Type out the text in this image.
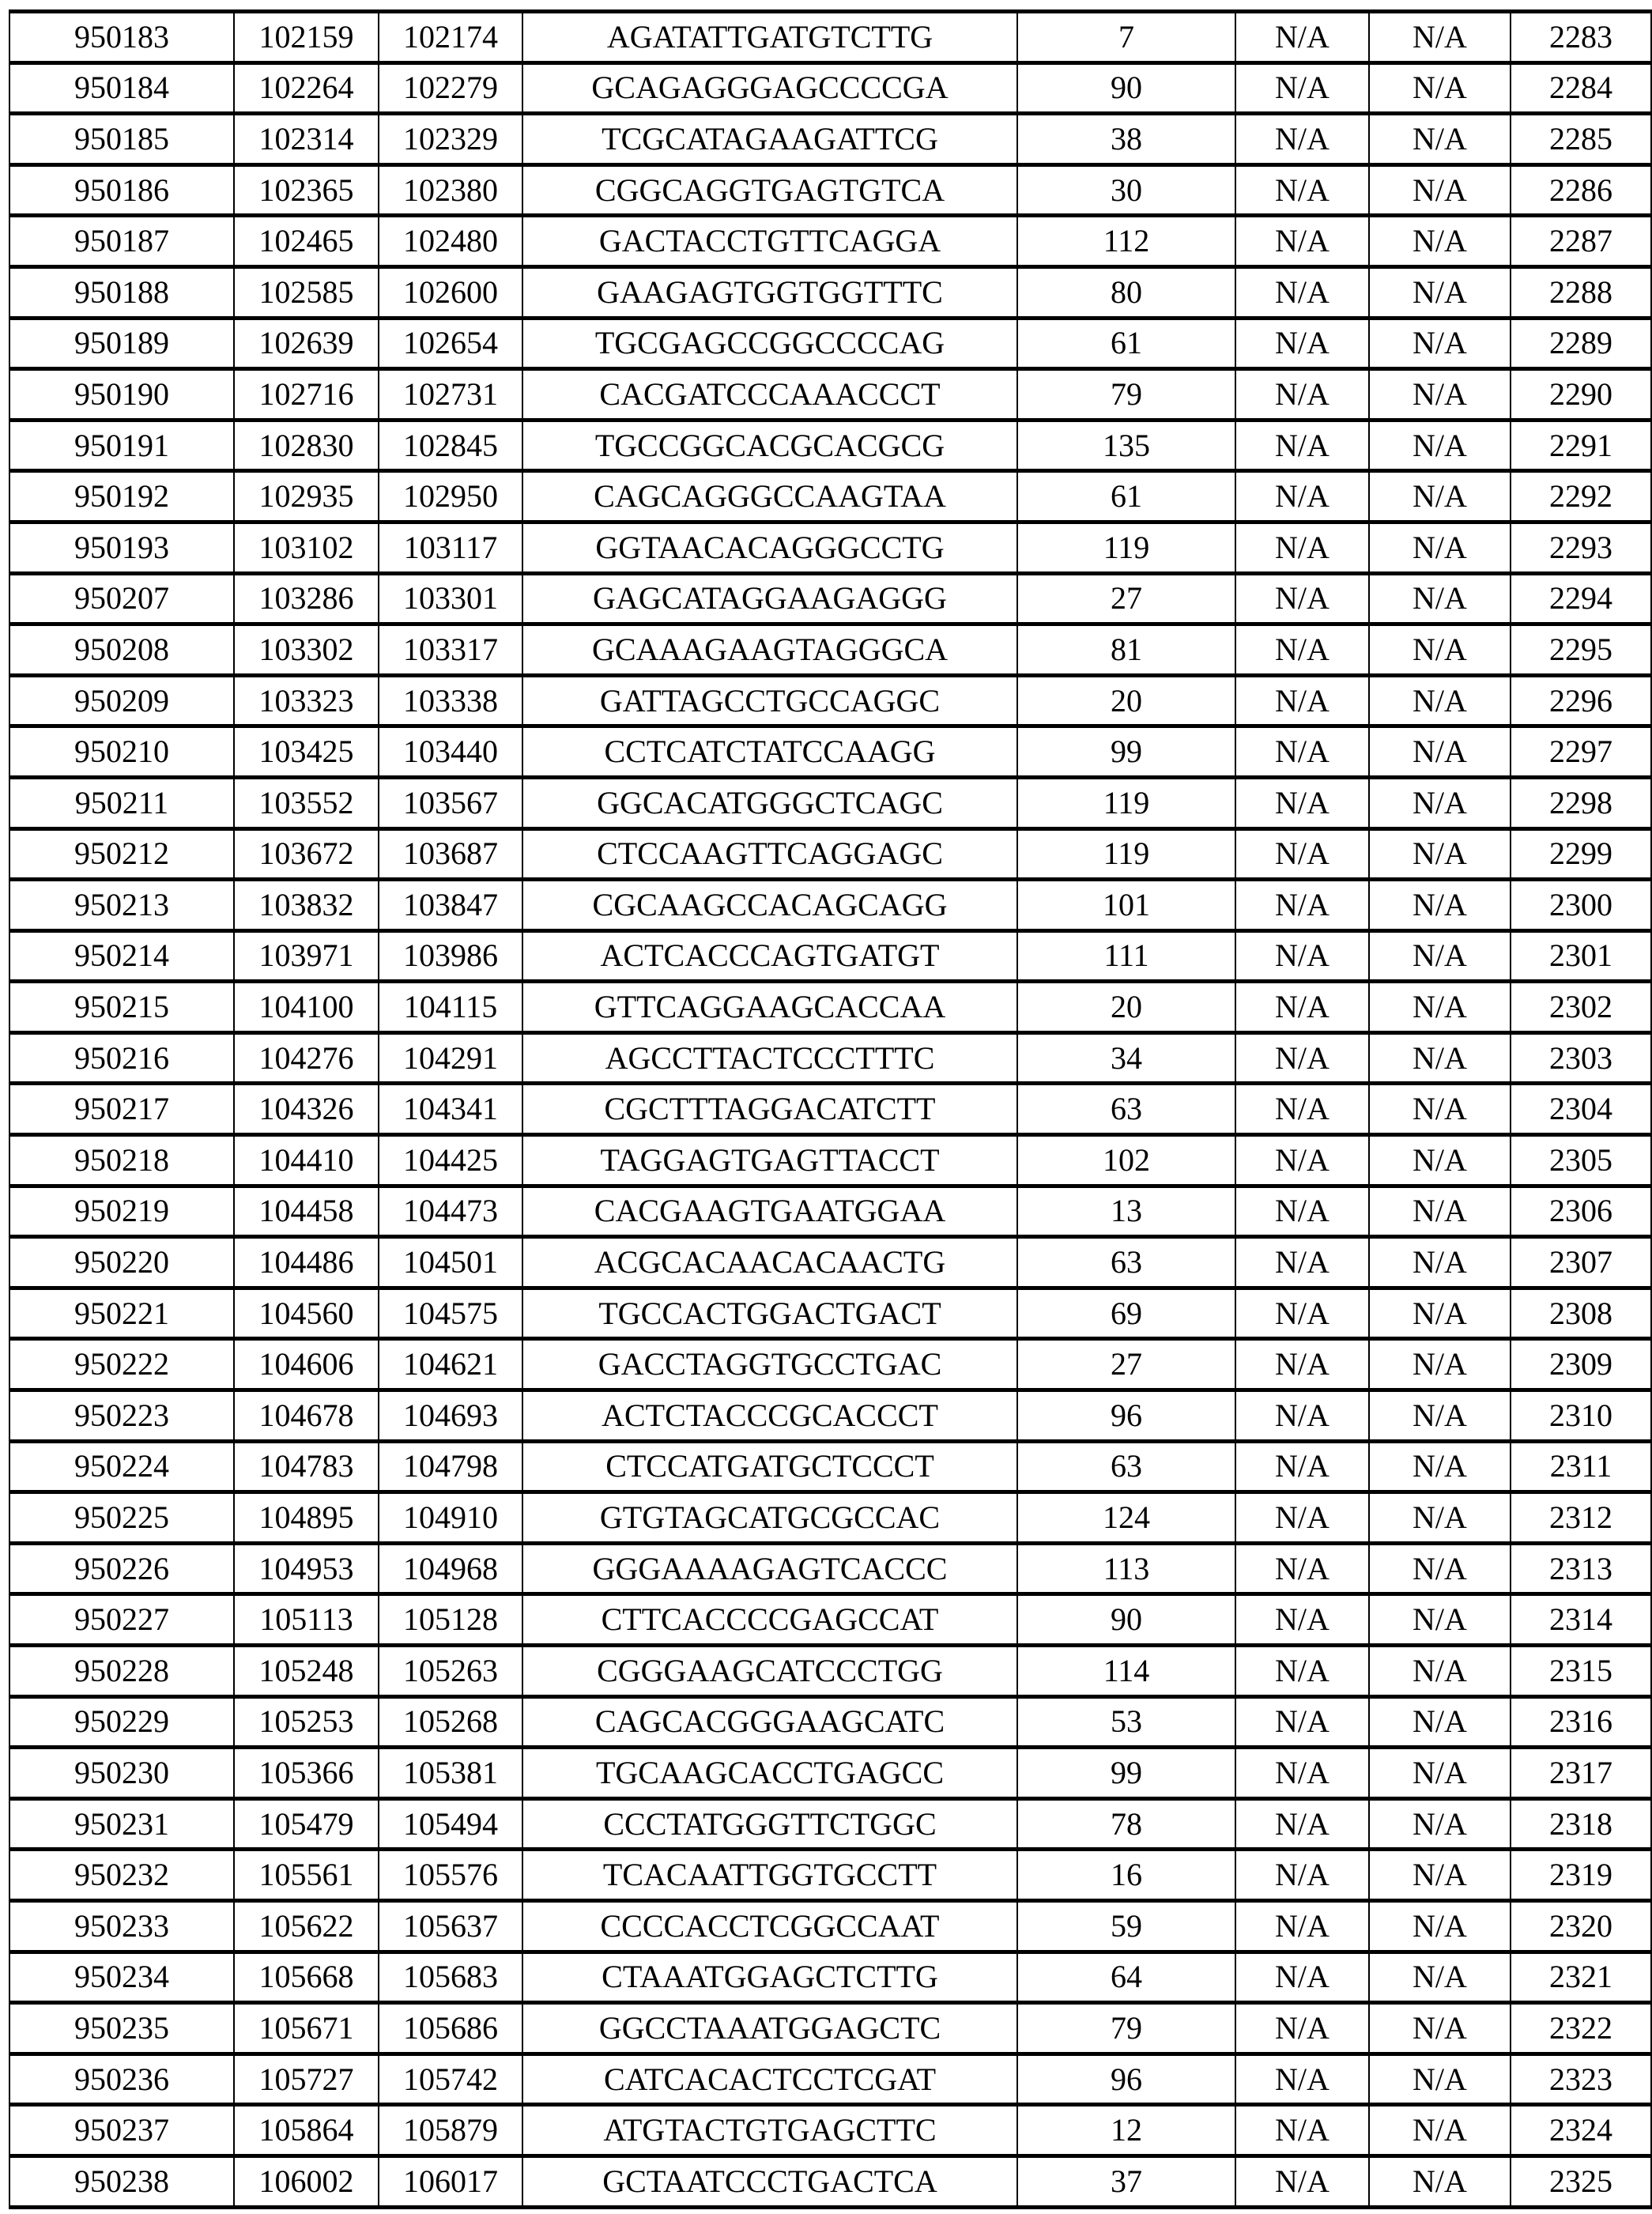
950183	102159	102174	AGATATTGATGTCTTG	7	N/A	N/A	2283
950184	102264	102279	GCAGAGGGAGCCCCGA	90	N/A	N/A	2284
950185	102314	102329	TCGCATAGAAGATTCG	38	N/A	N/A	2285
950186	102365	102380	CGGCAGGTGAGTGTCA	30	N/A	N/A	2286
950187	102465	102480	GACTACCTGTTCAGGA	112	N/A	N/A	2287
950188	102585	102600	GAAGAGTGGTGGTTTC	80	N/A	N/A	2288
950189	102639	102654	TGCGAGCCGGCCCCAG	61	N/A	N/A	2289
950190	102716	102731	CACGATCCCAAACCCT	79	N/A	N/A	2290
950191	102830	102845	TGCCGGCACGCACGCG	135	N/A	N/A	2291
950192	102935	102950	CAGCAGGGCCAAGTAA	61	N/A	N/A	2292
950193	103102	103117	GGTAACACAGGGCCTG	119	N/A	N/A	2293
950207	103286	103301	GAGCATAGGAAGAGGG	27	N/A	N/A	2294
950208	103302	103317	GCAAAGAAGTAGGGCA	81	N/A	N/A	2295
950209	103323	103338	GATTAGCCTGCCAGGC	20	N/A	N/A	2296
950210	103425	103440	CCTCATCTATCCAAGG	99	N/A	N/A	2297
950211	103552	103567	GGCACATGGGCTCAGC	119	N/A	N/A	2298
950212	103672	103687	CTCCAAGTTCAGGAGC	119	N/A	N/A	2299
950213	103832	103847	CGCAAGCCACAGCAGG	101	N/A	N/A	2300
950214	103971	103986	ACTCACCCAGTGATGT	111	N/A	N/A	2301
950215	104100	104115	GTTCAGGAAGCACCAA	20	N/A	N/A	2302
950216	104276	104291	AGCCTTACTCCCTTTC	34	N/A	N/A	2303
950217	104326	104341	CGCTTTAGGACATCTT	63	N/A	N/A	2304
950218	104410	104425	TAGGAGTGAGTTACCT	102	N/A	N/A	2305
950219	104458	104473	CACGAAGTGAATGGAA	13	N/A	N/A	2306
950220	104486	104501	ACGCACAACACAACTG	63	N/A	N/A	2307
950221	104560	104575	TGCCACTGGACTGACT	69	N/A	N/A	2308
950222	104606	104621	GACCTAGGTGCCTGAC	27	N/A	N/A	2309
950223	104678	104693	ACTCTACCCGCACCCT	96	N/A	N/A	2310
950224	104783	104798	CTCCATGATGCTCCCT	63	N/A	N/A	2311
950225	104895	104910	GTGTAGCATGCGCCAC	124	N/A	N/A	2312
950226	104953	104968	GGGAAAAGAGTCACCC	113	N/A	N/A	2313
950227	105113	105128	CTTCACCCCGAGCCAT	90	N/A	N/A	2314
950228	105248	105263	CGGGAAGCATCCCTGG	114	N/A	N/A	2315
950229	105253	105268	CAGCACGGGAAGCATC	53	N/A	N/A	2316
950230	105366	105381	TGCAAGCACCTGAGCC	99	N/A	N/A	2317
950231	105479	105494	CCCTATGGGTTCTGGC	78	N/A	N/A	2318
950232	105561	105576	TCACAATTGGTGCCTT	16	N/A	N/A	2319
950233	105622	105637	CCCCACCTCGGCCAAT	59	N/A	N/A	2320
950234	105668	105683	CTAAATGGAGCTCTTG	64	N/A	N/A	2321
950235	105671	105686	GGCCTAAATGGAGCTC	79	N/A	N/A	2322
950236	105727	105742	CATCACACTCCTCGAT	96	N/A	N/A	2323
950237	105864	105879	ATGTACTGTGAGCTTC	12	N/A	N/A	2324
950238	106002	106017	GCTAATCCCTGACTCA	37	N/A	N/A	2325
